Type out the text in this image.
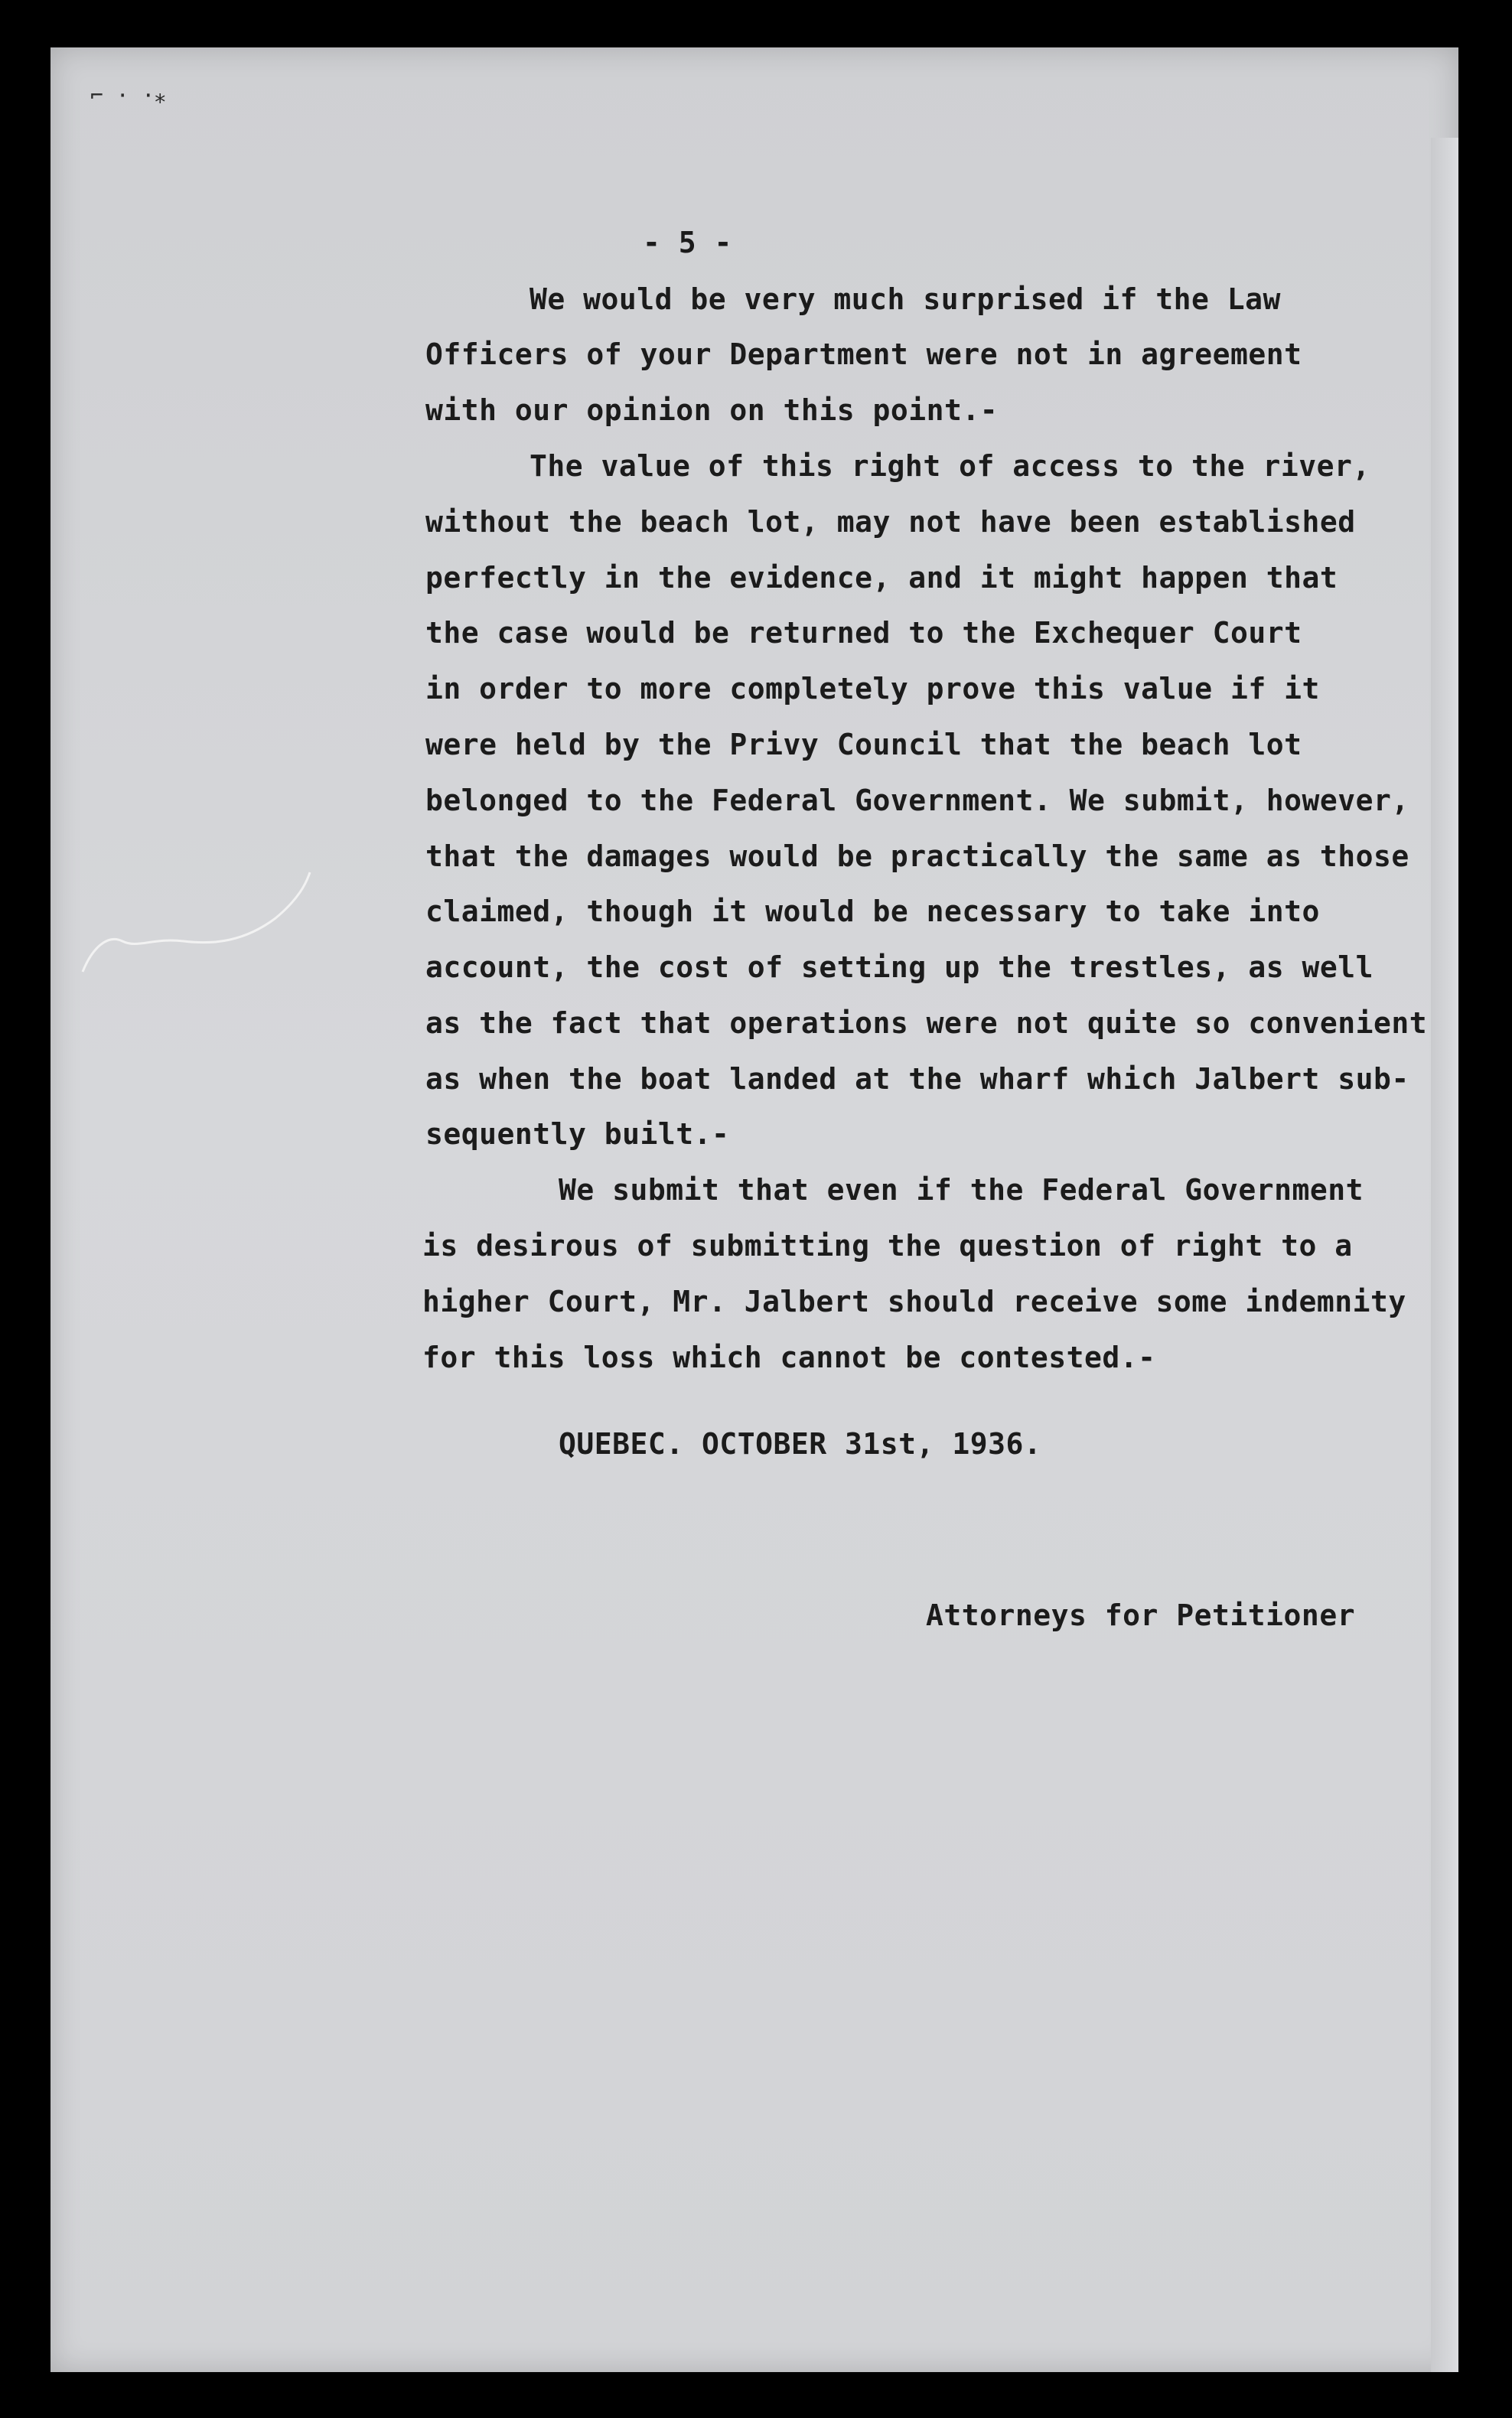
⌐ · ·⁎
- 5 -
We would be very much surprised if the Law
Officers of your Department were not in agreement
with our opinion on this point.-
The value of this right of access to the river,
without the beach lot, may not have been established
perfectly in the evidence, and it might happen that
the case would be returned to the Exchequer Court
in order to more completely prove this value if it
were held by the Privy Council that the beach lot
belonged to the Federal Government. We submit, however,
that the damages would be practically the same as those
claimed, though it would be necessary to take into
account, the cost of setting up the trestles, as well
as the fact that operations were not quite so convenient
as when the boat landed at the wharf which Jalbert sub-
sequently built.-
We submit that even if the Federal Government
is desirous of submitting the question of right to a
higher Court, Mr. Jalbert should receive some indemnity
for this loss which cannot be contested.-
QUEBEC. OCTOBER 31st, 1936.
Attorneys for Petitioner
